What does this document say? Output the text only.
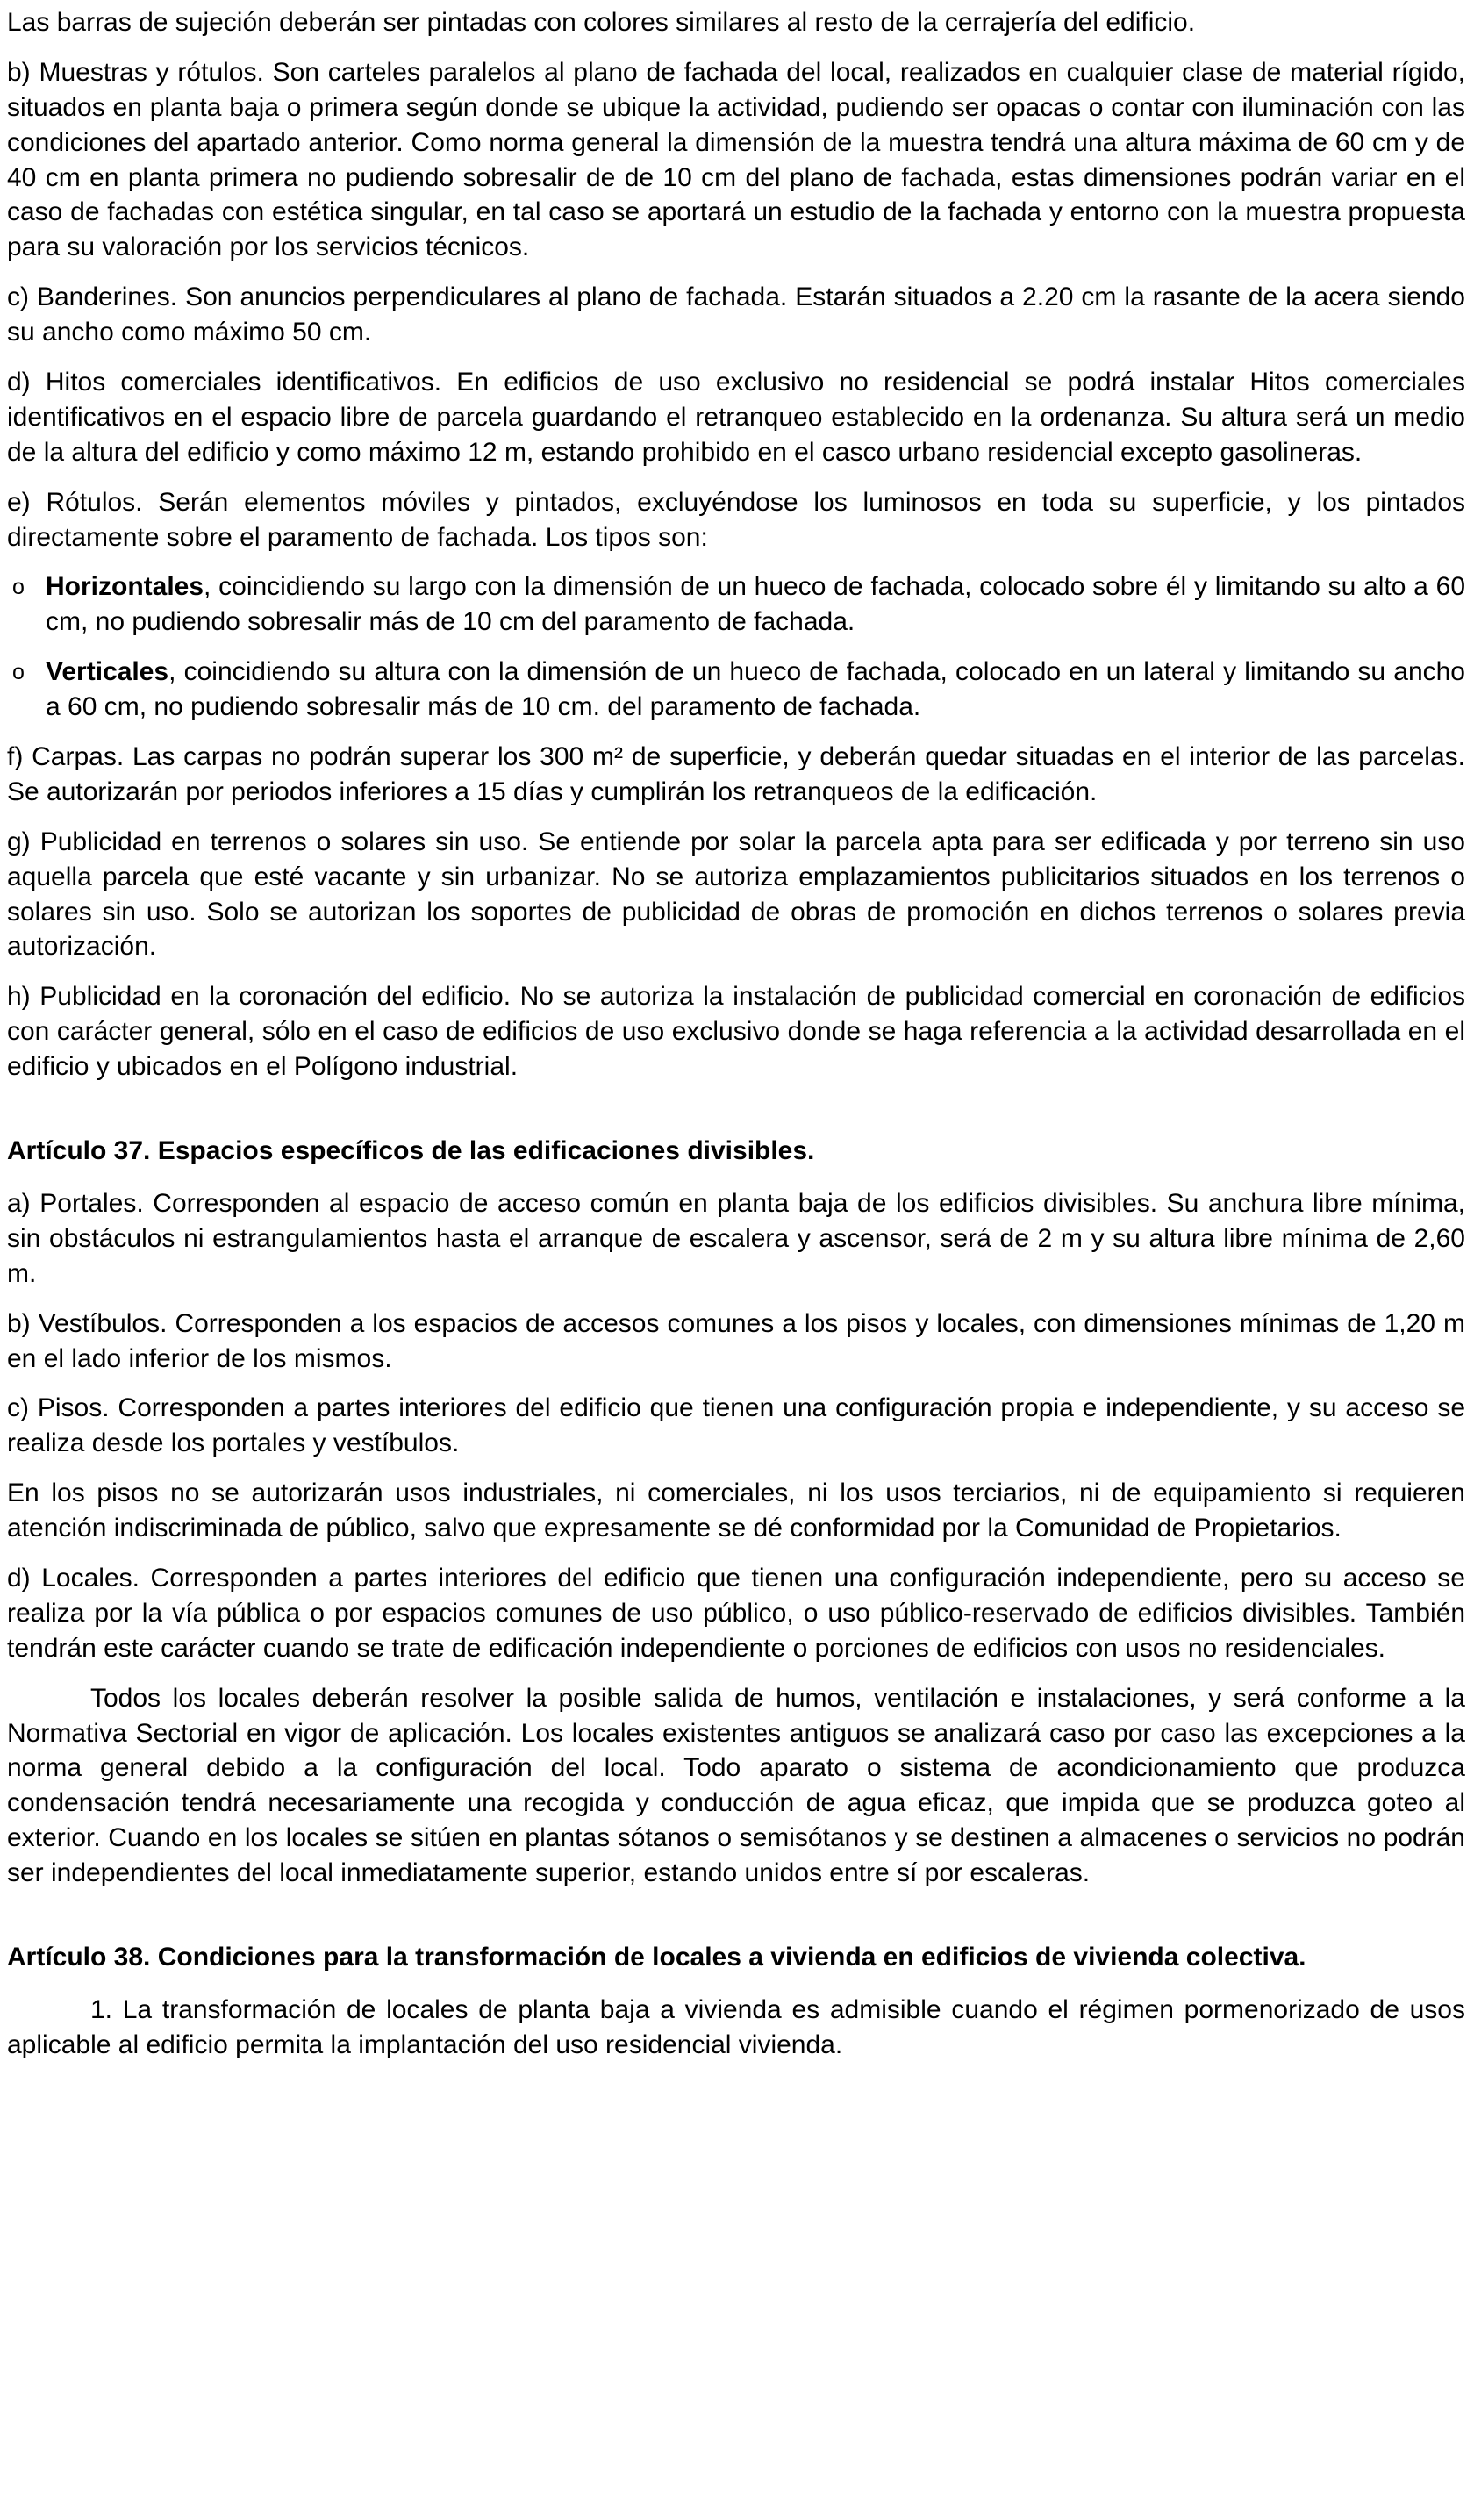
Las barras de sujeción deberán ser pintadas con colores similares al resto de la cerrajería del edificio.

b) Muestras y rótulos. Son carteles paralelos al plano de fachada del local, realizados en cualquier clase de material rígido, situados en planta baja o primera según donde se ubique la actividad, pudiendo ser opacas o contar con iluminación con las condiciones del apartado anterior. Como norma general la dimensión de la muestra tendrá una altura máxima de 60 cm y de 40 cm en planta primera no pudiendo sobresalir de de 10 cm del plano de fachada, estas dimensiones podrán variar en el caso de fachadas con estética singular, en tal caso se aportará un estudio de la fachada y entorno con la muestra propuesta para su valoración por los servicios técnicos.

c) Banderines. Son anuncios perpendiculares al plano de fachada. Estarán situados a 2.20 cm la rasante de la acera siendo su ancho como máximo 50 cm.

d) Hitos comerciales identificativos. En edificios de uso exclusivo no residencial se podrá instalar Hitos comerciales identificativos en el espacio libre de parcela guardando el retranqueo establecido en la ordenanza. Su altura será un medio de la altura del edificio y como máximo 12 m, estando prohibido en el casco urbano residencial excepto gasolineras.

e) Rótulos. Serán elementos móviles y pintados, excluyéndose los luminosos en toda su superficie, y los pintados directamente sobre el paramento de fachada. Los tipos son:

o Horizontales, coincidiendo su largo con la dimensión de un hueco de fachada, colocado sobre él y limitando su alto a 60 cm, no pudiendo sobresalir más de 10 cm del paramento de fachada.
o Verticales, coincidiendo su altura con la dimensión de un hueco de fachada, colocado en un lateral y limitando su ancho a 60 cm, no pudiendo sobresalir más de 10 cm. del paramento de fachada.

f) Carpas. Las carpas no podrán superar los 300 m² de superficie, y deberán quedar situadas en el interior de las parcelas. Se autorizarán por periodos inferiores a 15 días y cumplirán los retranqueos de la edificación.

g) Publicidad en terrenos o solares sin uso. Se entiende por solar la parcela apta para ser edificada y por terreno sin uso aquella parcela que esté vacante y sin urbanizar. No se autoriza emplazamientos publicitarios situados en los terrenos o solares sin uso. Solo se autorizan los soportes de publicidad de obras de promoción en dichos terrenos o solares previa autorización.

h) Publicidad en la coronación del edificio. No se autoriza la instalación de publicidad comercial en coronación de edificios con carácter general, sólo en el caso de edificios de uso exclusivo donde se haga referencia a la actividad desarrollada en el edificio y ubicados en el Polígono industrial.

Artículo 37. Espacios específicos de las edificaciones divisibles.

a) Portales. Corresponden al espacio de acceso común en planta baja de los edificios divisibles. Su anchura libre mínima, sin obstáculos ni estrangulamientos hasta el arranque de escalera y ascensor, será de 2 m y su altura libre mínima de 2,60 m.

b) Vestíbulos. Corresponden a los espacios de accesos comunes a los pisos y locales, con dimensiones mínimas de 1,20 m en el lado inferior de los mismos.

c) Pisos. Corresponden a partes interiores del edificio que tienen una configuración propia e independiente, y su acceso se realiza desde los portales y vestíbulos.

En los pisos no se autorizarán usos industriales, ni comerciales, ni los usos terciarios, ni de equipamiento si requieren atención indiscriminada de público, salvo que expresamente se dé conformidad por la Comunidad de Propietarios.

d) Locales. Corresponden a partes interiores del edificio que tienen una configuración independiente, pero su acceso se realiza por la vía pública o por espacios comunes de uso público, o uso público-reservado de edificios divisibles. También tendrán este carácter cuando se trate de edificación independiente o porciones de edificios con usos no residenciales.

Todos los locales deberán resolver la posible salida de humos, ventilación e instalaciones, y será conforme a la Normativa Sectorial en vigor de aplicación. Los locales existentes antiguos se analizará caso por caso las excepciones a la norma general debido a la configuración del local. Todo aparato o sistema de acondicionamiento que produzca condensación tendrá necesariamente una recogida y conducción de agua eficaz, que impida que se produzca goteo al exterior. Cuando en los locales se sitúen en plantas sótanos o semisótanos y se destinen a almacenes o servicios no podrán ser independientes del local inmediatamente superior, estando unidos entre sí por escaleras.

Artículo 38. Condiciones para la transformación de locales a vivienda en edificios de vivienda colectiva.

1. La transformación de locales de planta baja a vivienda es admisible cuando el régimen pormenorizado de usos aplicable al edificio permita la implantación del uso residencial vivienda.
